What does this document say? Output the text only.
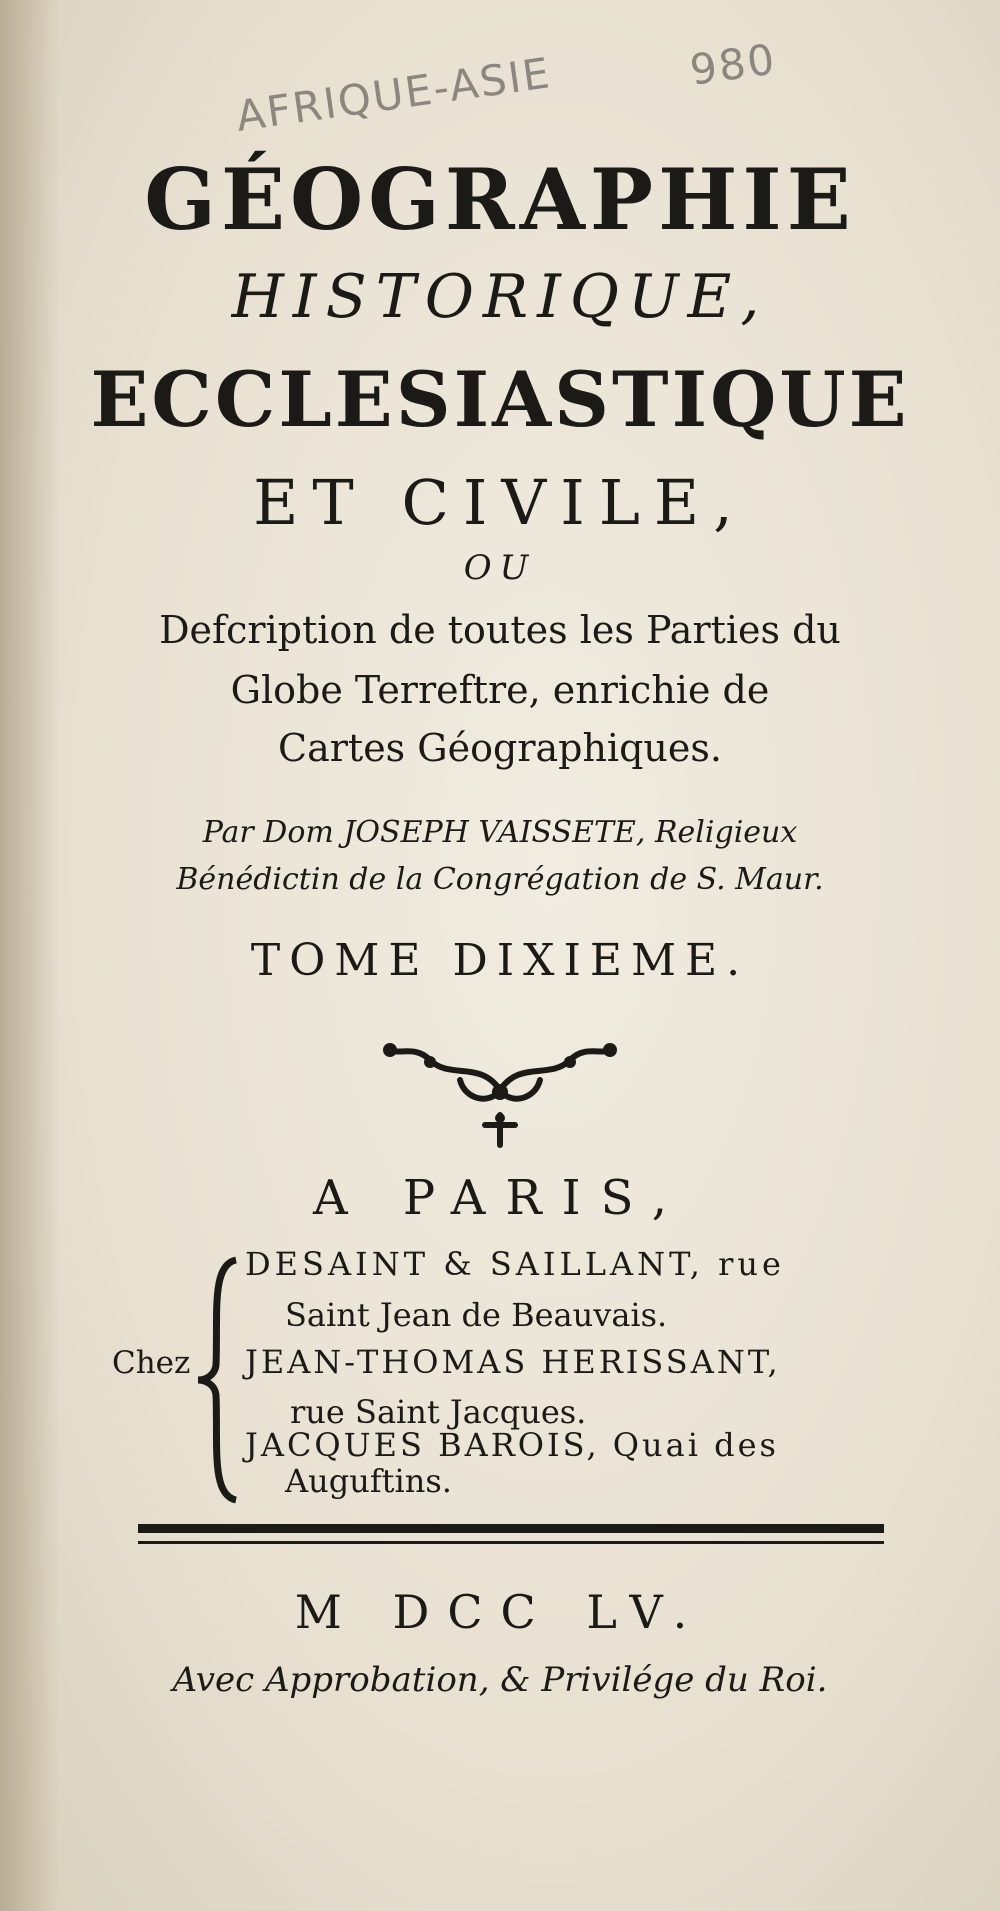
AFRIQUE-ASIE	980
GÉOGRAPHIE
HISTORIQUE,
ECCLESIASTIQUE
ET CIVILE,
OU
Defcription de toutes les Parties du
Globe Terreftre, enrichie de
Cartes Géographiques.
Par Dom JOSEPH VAISSETE, Religieux
Bénédictin de la Congrégation de S. Maur.
TOME DIXIEME.
A PARIS,
Chez
DESAINT & SAILLANT, rue
Saint Jean de Beauvais.
JEAN-THOMAS HERISSANT,
rue Saint Jacques.
JACQUES BAROIS, Quai des
Auguftins.
M DCC LV.
Avec Approbation, & Privilége du Roi.
